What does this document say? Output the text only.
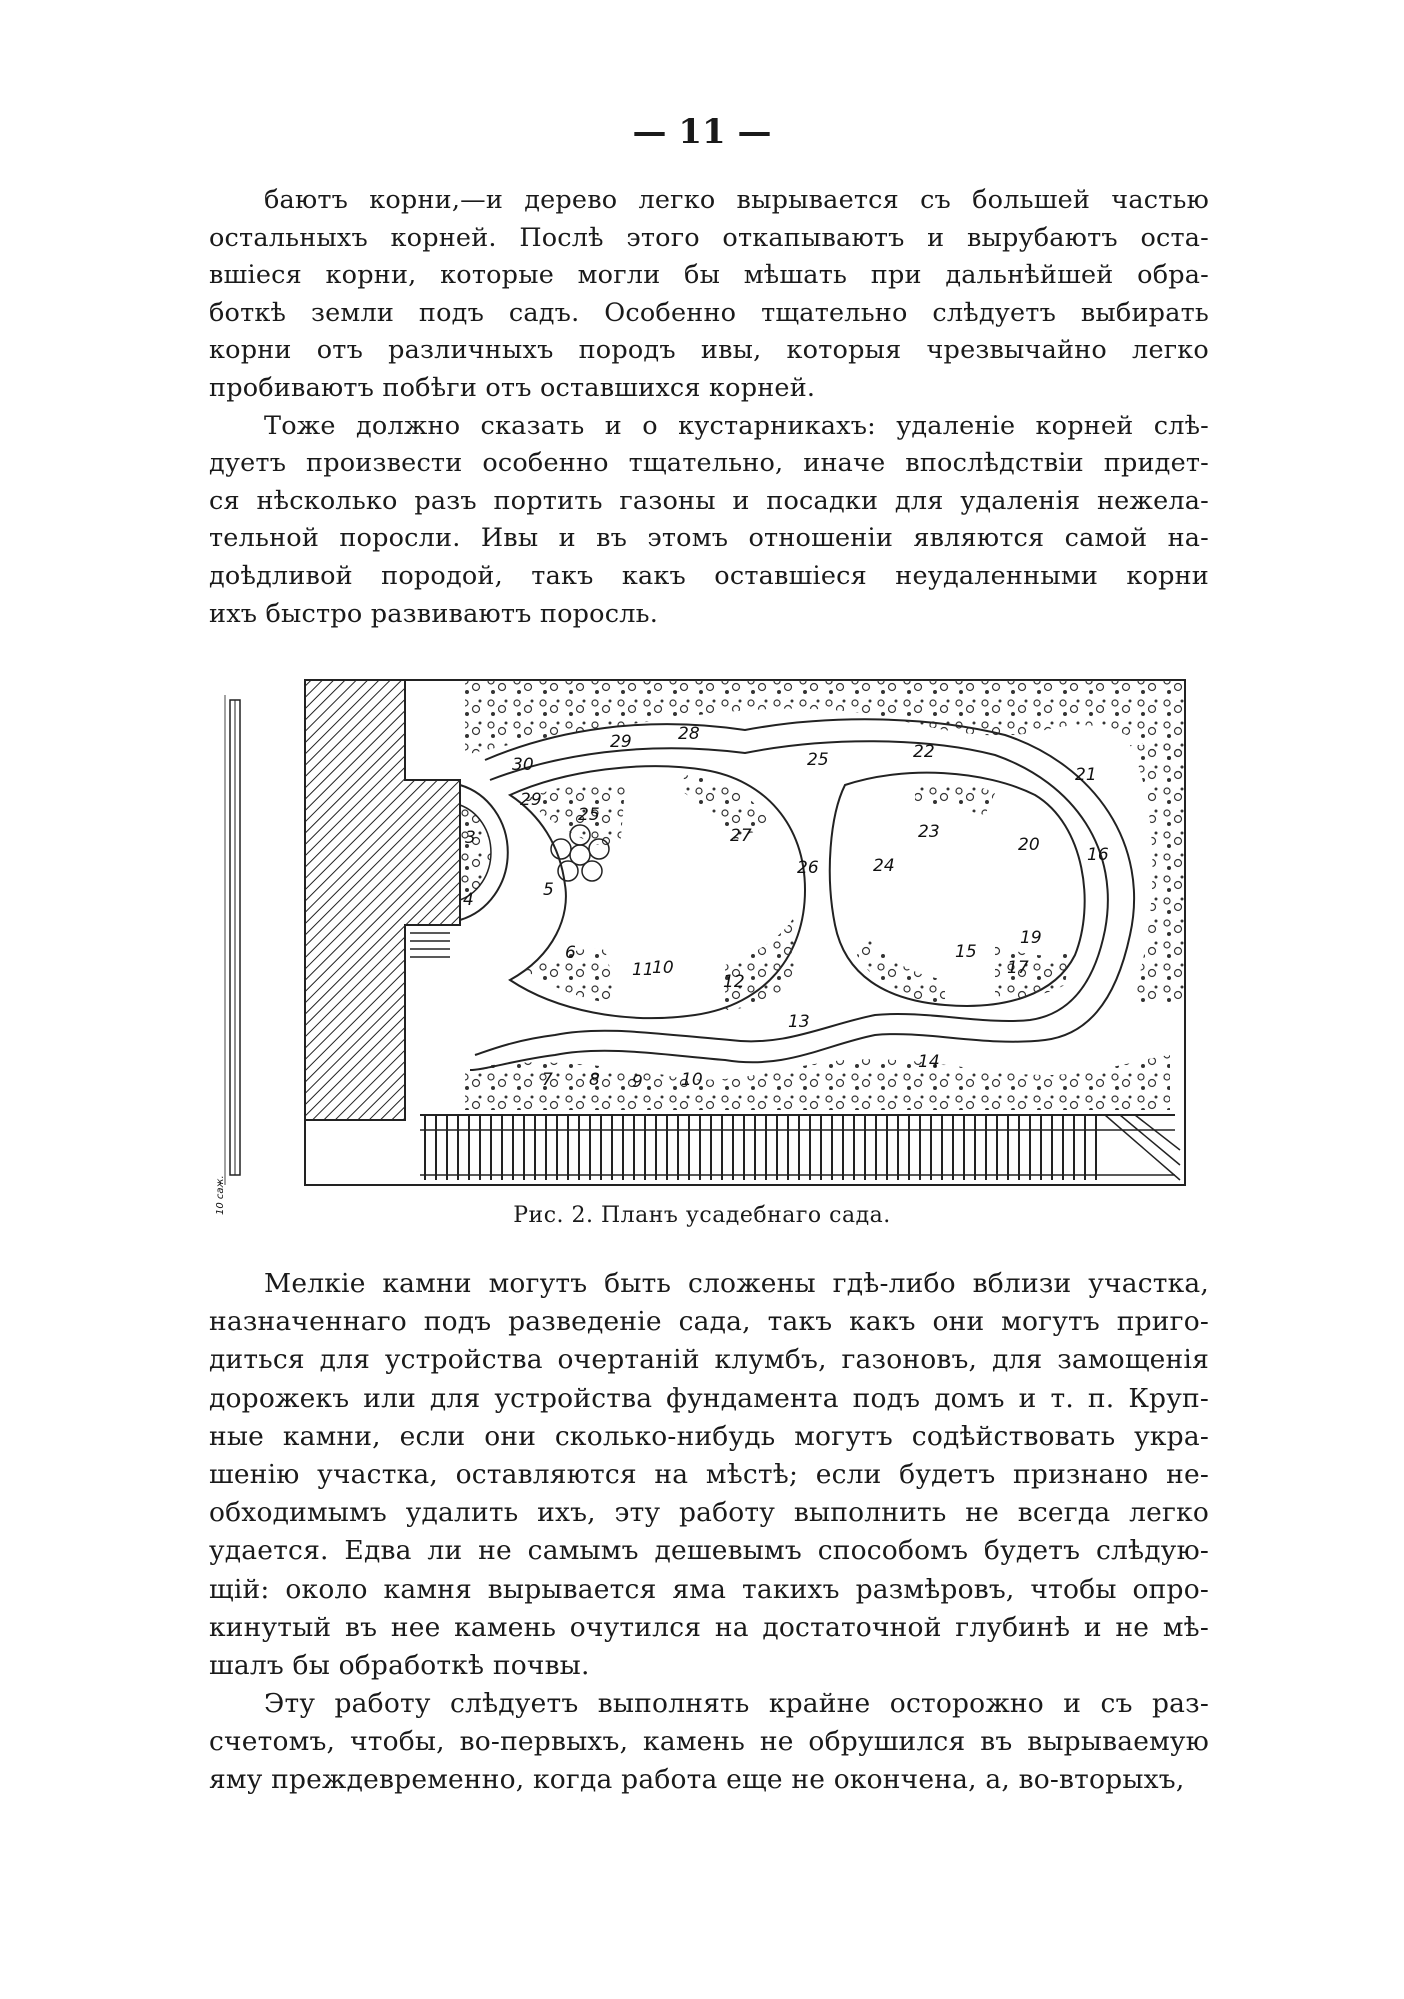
— 11 —
баютъ корни,—и дерево легко вырывается съ большей частью
остальныхъ корней. Послѣ этого откапываютъ и вырубаютъ оста-
вшіеся корни, которые могли бы мѣшать при дальнѣйшей обра-
боткѣ земли подъ садъ. Особенно тщательно слѣдуетъ выбирать
корни отъ различныхъ породъ ивы, которыя чрезвычайно легко
пробиваютъ побѣги отъ оставшихся корней.
Тоже должно сказать и о кустарникахъ: удаленіе корней слѣ-
дуетъ произвести особенно тщательно, иначе впослѣдствіи придет-
ся нѣсколько разъ портить газоны и посадки для удаленія нежела-
тельной поросли. Ивы и въ этомъ отношеніи являются самой на-
доѣдливой породой, такъ какъ оставшіеся неудаленными корни
ихъ быстро развиваютъ поросль.
10 саж.
30
29
25
3
4	5
6
7 8 9 10
10
11
12
13
14
15
16
17
19
20
21
22
23
24
25
26
27
28
29
Рис. 2. Планъ усадебнаго сада.
Мелкіе камни могутъ быть сложены гдѣ-либо вблизи участка,
назначеннаго подъ разведеніе сада, такъ какъ они могутъ приго-
диться для устройства очертаній клумбъ, газоновъ, для замощенія
дорожекъ или для устройства фундамента подъ домъ и т. п. Круп-
ные камни, если они сколько-нибудь могутъ содѣйствовать укра-
шенію участка, оставляются на мѣстѣ; если будетъ признано не-
обходимымъ удалить ихъ, эту работу выполнить не всегда легко
удается. Едва ли не самымъ дешевымъ способомъ будетъ слѣдую-
щій: около камня вырывается яма такихъ размѣровъ, чтобы опро-
кинутый въ нее камень очутился на достаточной глубинѣ и не мѣ-
шалъ бы обработкѣ почвы.
Эту работу слѣдуетъ выполнять крайне осторожно и съ раз-
счетомъ, чтобы, во-первыхъ, камень не обрушился въ вырываемую
яму преждевременно, когда работа еще не окончена, а, во-вторыхъ,
